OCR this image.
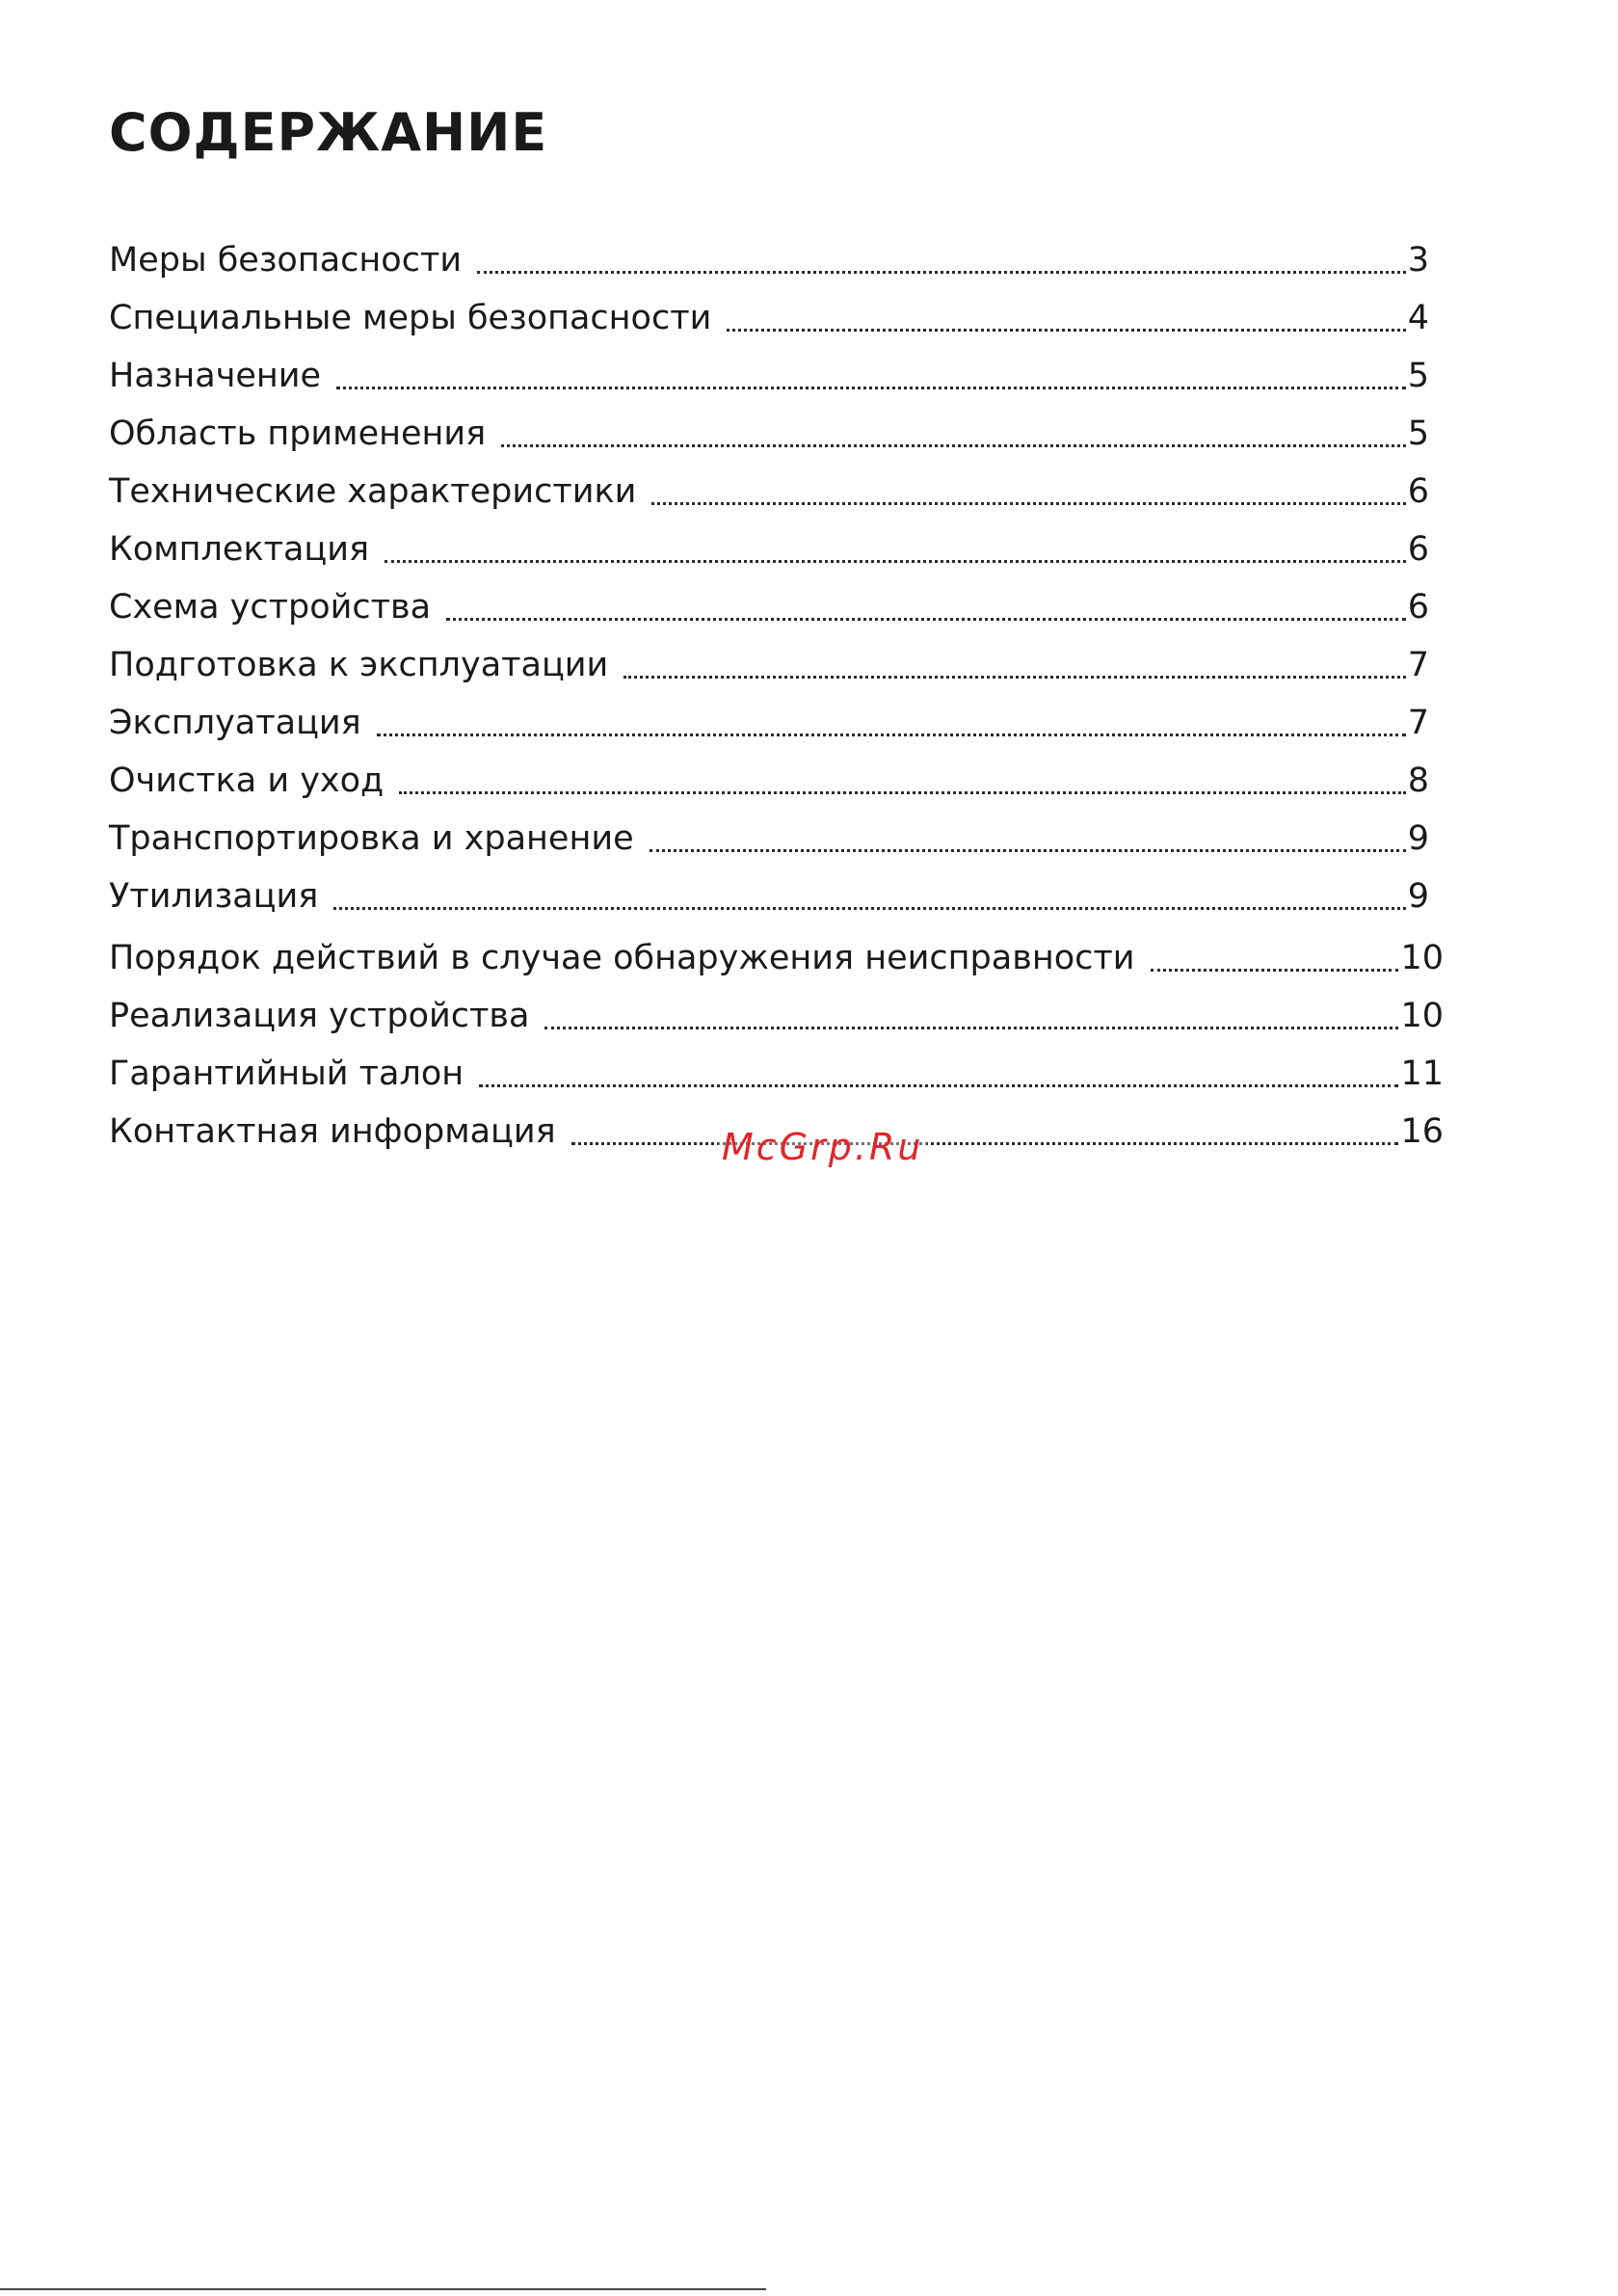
СОДЕРЖАНИЕ
Меры безопасности	3
Специальные меры безопасности	4
Назначение	5
Область применения	5
Технические характеристики	6
Комплектация	6
Схема устройства	6
Подготовка к эксплуатации	7
Эксплуатация	7
Очистка и уход	8
Транспортировка и хранение	9
Утилизация	9
Порядок действий в случае обнаружения неисправности	10
Реализация устройства	10
Гарантийный талон	11
Контактная информация	16
McGrp.Ru
